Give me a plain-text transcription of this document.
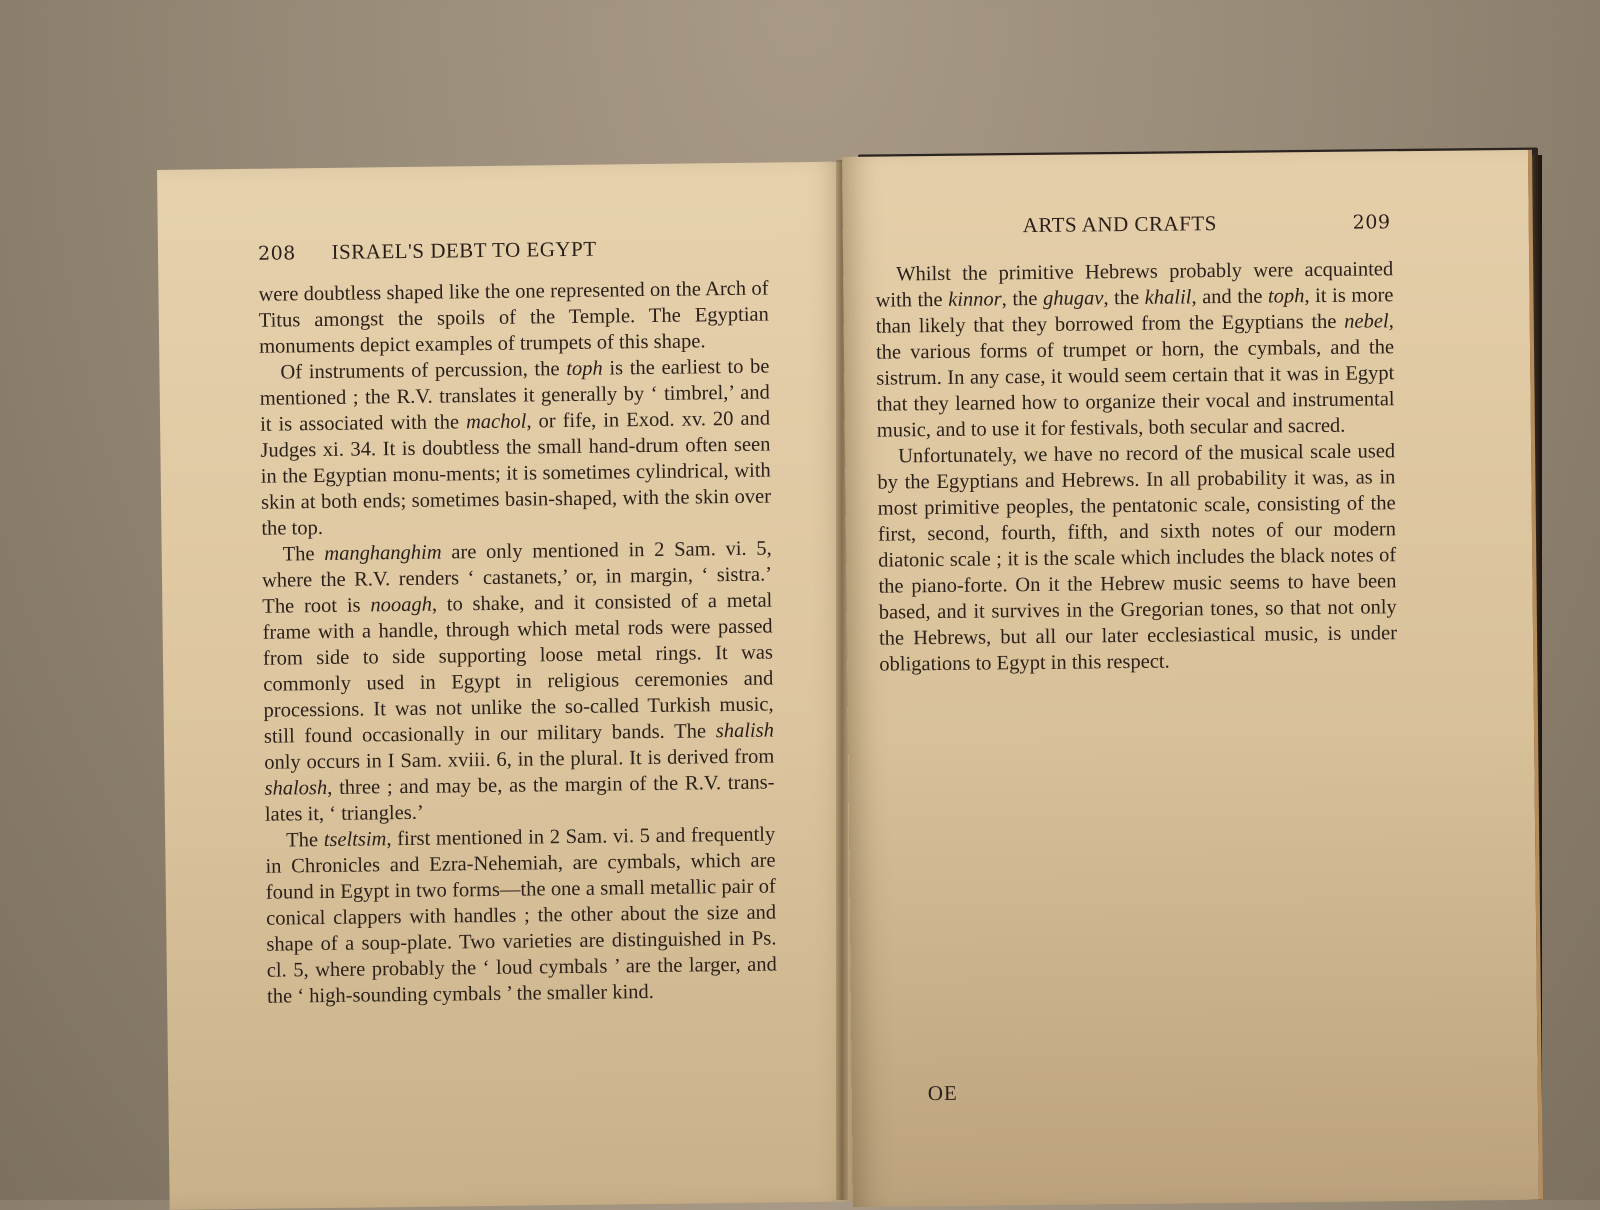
208 ISRAEL'S DEBT TO EGYPT

were doubtless shaped like the one represented on the Arch of Titus amongst the spoils of the Temple. The Egyptian monuments depict examples of trumpets of this shape.

Of instruments of percussion, the toph is the earliest to be mentioned ; the R.V. translates it generally by ‘ timbrel,’ and it is associated with the machol, or fife, in Exod. xv. 20 and Judges xi. 34. It is doubtless the small hand-drum often seen in the Egyptian monu-ments; it is sometimes cylindrical, with skin at both ends; sometimes basin-shaped, with the skin over the top.

The manghanghim are only mentioned in 2 Sam. vi. 5, where the R.V. renders ‘ castanets,’ or, in margin, ‘ sistra.’ The root is nooagh, to shake, and it consisted of a metal frame with a handle, through which metal rods were passed from side to side supporting loose metal rings. It was commonly used in Egypt in religious ceremonies and processions. It was not unlike the so-called Turkish music, still found occasionally in our military bands. The shalish only occurs in I Sam. xviii. 6, in the plural. It is derived from shalosh, three ; and may be, as the margin of the R.V. trans-lates it, ‘ triangles.’

The tseltsim, first mentioned in 2 Sam. vi. 5 and frequently in Chronicles and Ezra-Nehemiah, are cymbals, which are found in Egypt in two forms—the one a small metallic pair of conical clappers with handles ; the other about the size and shape of a soup-plate. Two varieties are distinguished in Ps. cl. 5, where probably the ‘ loud cymbals ’ are the larger, and the ‘ high-sounding cymbals ’ the smaller kind.

ARTS AND CRAFTS	209

Whilst the primitive Hebrews probably were acquainted with the kinnor, the ghugav, the khalil, and the toph, it is more than likely that they borrowed from the Egyptians the nebel, the various forms of trumpet or horn, the cymbals, and the sistrum. In any case, it would seem certain that it was in Egypt that they learned how to organize their vocal and instrumental music, and to use it for festivals, both secular and sacred.

Unfortunately, we have no record of the musical scale used by the Egyptians and Hebrews. In all probability it was, as in most primitive peoples, the pentatonic scale, consisting of the first, second, fourth, fifth, and sixth notes of our modern diatonic scale ; it is the scale which includes the black notes of the piano-forte. On it the Hebrew music seems to have been based, and it survives in the Gregorian tones, so that not only the Hebrews, but all our later ecclesiastical music, is under obligations to Egypt in this respect.

OE
